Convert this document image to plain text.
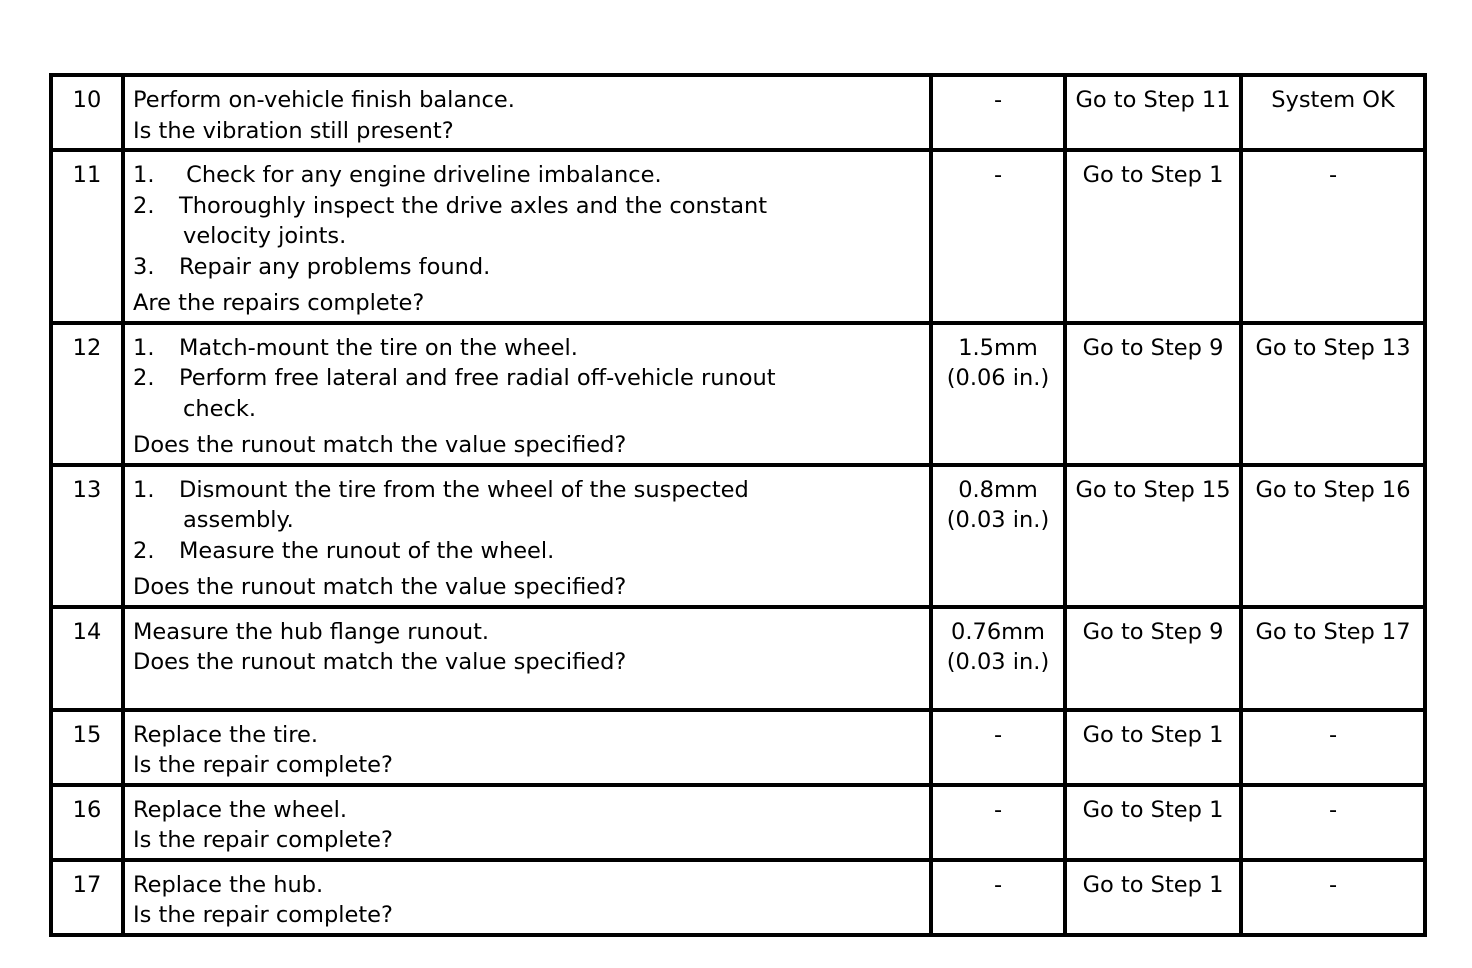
10	Perform on-vehicle finish balance.
Is the vibration still present?	-	Go to Step 11	System OK
11	1. Check for any engine driveline imbalance.
2. Thoroughly inspect the drive axles and the constant
velocity joints.
3. Repair any problems found.
Are the repairs complete?	-	Go to Step 1	-
12	1. Match-mount the tire on the wheel.
2. Perform free lateral and free radial off-vehicle runout
check.
Does the runout match the value specified?	1.5mm (0.06 in.)	Go to Step 9	Go to Step 13
13	1. Dismount the tire from the wheel of the suspected
assembly.
2. Measure the runout of the wheel.
Does the runout match the value specified?	0.8mm (0.03 in.)	Go to Step 15	Go to Step 16
14	Measure the hub flange runout.
Does the runout match the value specified?	0.76mm (0.03 in.)	Go to Step 9	Go to Step 17
15	Replace the tire.
Is the repair complete?	-	Go to Step 1	-
16	Replace the wheel.
Is the repair complete?	-	Go to Step 1	-
17	Replace the hub.
Is the repair complete?	-	Go to Step 1	-
